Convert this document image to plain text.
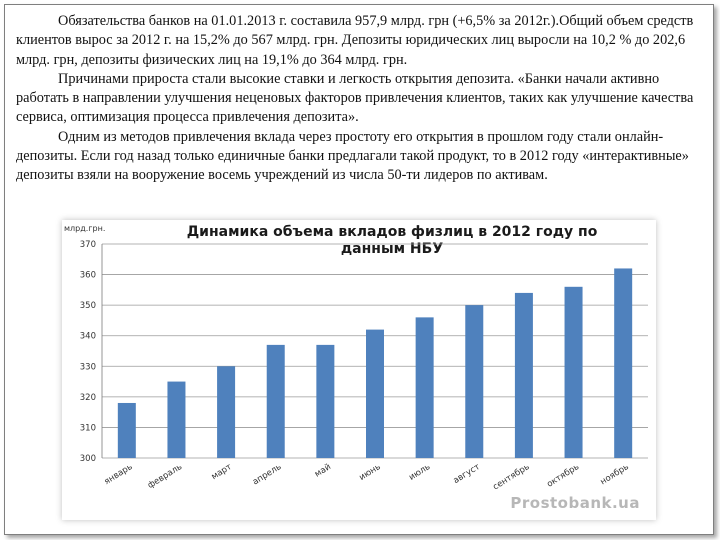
Обязательства банков на 01.01.2013 г. составила 957,9 млрд. грн (+6,5% за 2012г.).Общий объем средств клиентов вырос за 2012 г. на 15,2% до 567 млрд. грн. Депозиты юридических лиц выросли на 10,2 % до 202,6 млрд. грн, депозиты физических лиц на 19,1% до 364 млрд. грн.

Причинами прироста стали высокие ставки и легкость открытия депозита. «Банки начали активно работать в направлении улучшения неценовых факторов привлечения клиентов, таких как улучшение качества сервиса, оптимизация процесса привлечения депозита».

Одним из методов привлечения вклада через простоту его открытия в прошлом году стали онлайн-депозиты. Если год назад только единичные банки предлагали такой продукт, то в 2012 году «интерактивные» депозиты взяли на вооружение восемь учреждений из числа 50-ти лидеров по активам.

млрд.грн.	Динамика объема вкладов физлиц в 2012 году по данным НБУ
300
310
320
330
340
350
360
370
январь февраль	март апрель	май	июнь	июль август сентябрь октябрь ноябрь
Prostobank.ua
